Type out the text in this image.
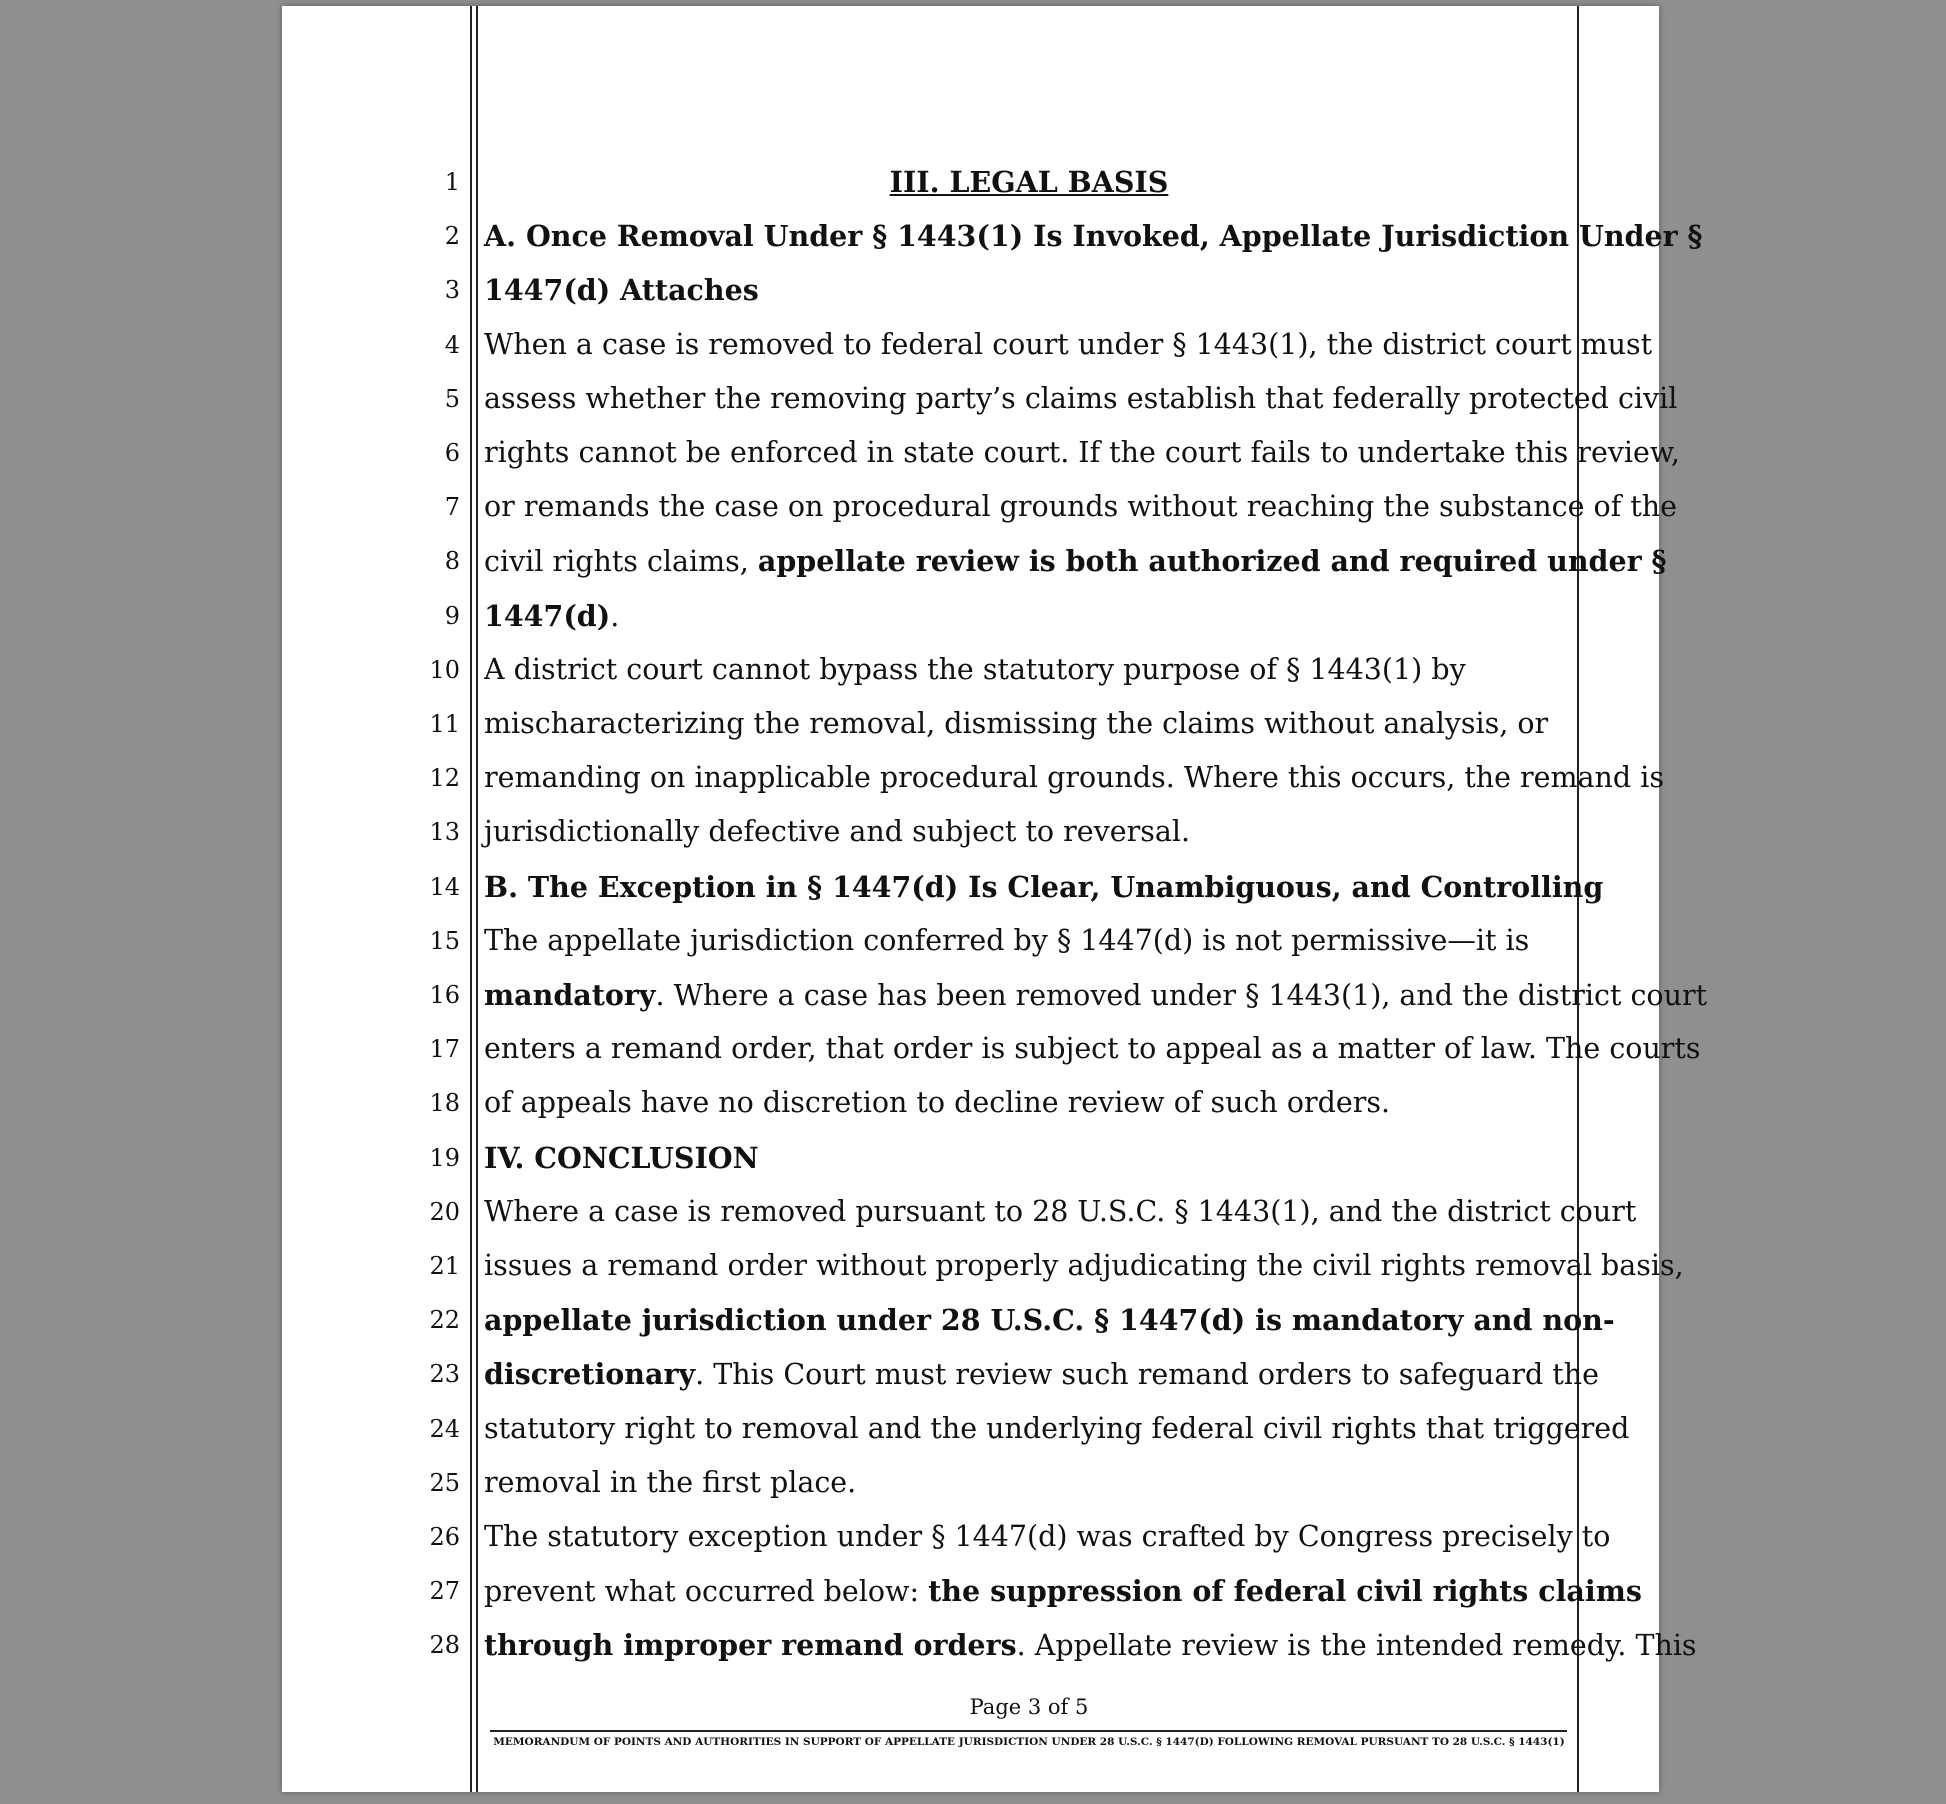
1	III. LEGAL BASIS
2 A. Once Removal Under § 1443(1) Is Invoked, Appellate Jurisdiction Under §
3 1447(d) Attaches
4 When a case is removed to federal court under § 1443(1), the district court must
5 assess whether the removing party’s claims establish that federally protected civil
6 rights cannot be enforced in state court. If the court fails to undertake this review,
7 or remands the case on procedural grounds without reaching the substance of the
8 civil rights claims, appellate review is both authorized and required under §
9 1447(d).
10 A district court cannot bypass the statutory purpose of § 1443(1) by
11 mischaracterizing the removal, dismissing the claims without analysis, or
12 remanding on inapplicable procedural grounds. Where this occurs, the remand is
13 jurisdictionally defective and subject to reversal.
14 B. The Exception in § 1447(d) Is Clear, Unambiguous, and Controlling
15 The appellate jurisdiction conferred by § 1447(d) is not permissive—it is
16 mandatory. Where a case has been removed under § 1443(1), and the district court
17 enters a remand order, that order is subject to appeal as a matter of law. The courts
18 of appeals have no discretion to decline review of such orders.
19 IV. CONCLUSION
20 Where a case is removed pursuant to 28 U.S.C. § 1443(1), and the district court
21 issues a remand order without properly adjudicating the civil rights removal basis,
22 appellate jurisdiction under 28 U.S.C. § 1447(d) is mandatory and non-
23 discretionary. This Court must review such remand orders to safeguard the
24 statutory right to removal and the underlying federal civil rights that triggered
25 removal in the first place.
26 The statutory exception under § 1447(d) was crafted by Congress precisely to
27 prevent what occurred below: the suppression of federal civil rights claims
28 through improper remand orders. Appellate review is the intended remedy. This
Page 3 of 5
MEMORANDUM OF POINTS AND AUTHORITIES IN SUPPORT OF APPELLATE JURISDICTION UNDER 28 U.S.C. § 1447(D) FOLLOWING REMOVAL PURSUANT TO 28 U.S.C. § 1443(1)
